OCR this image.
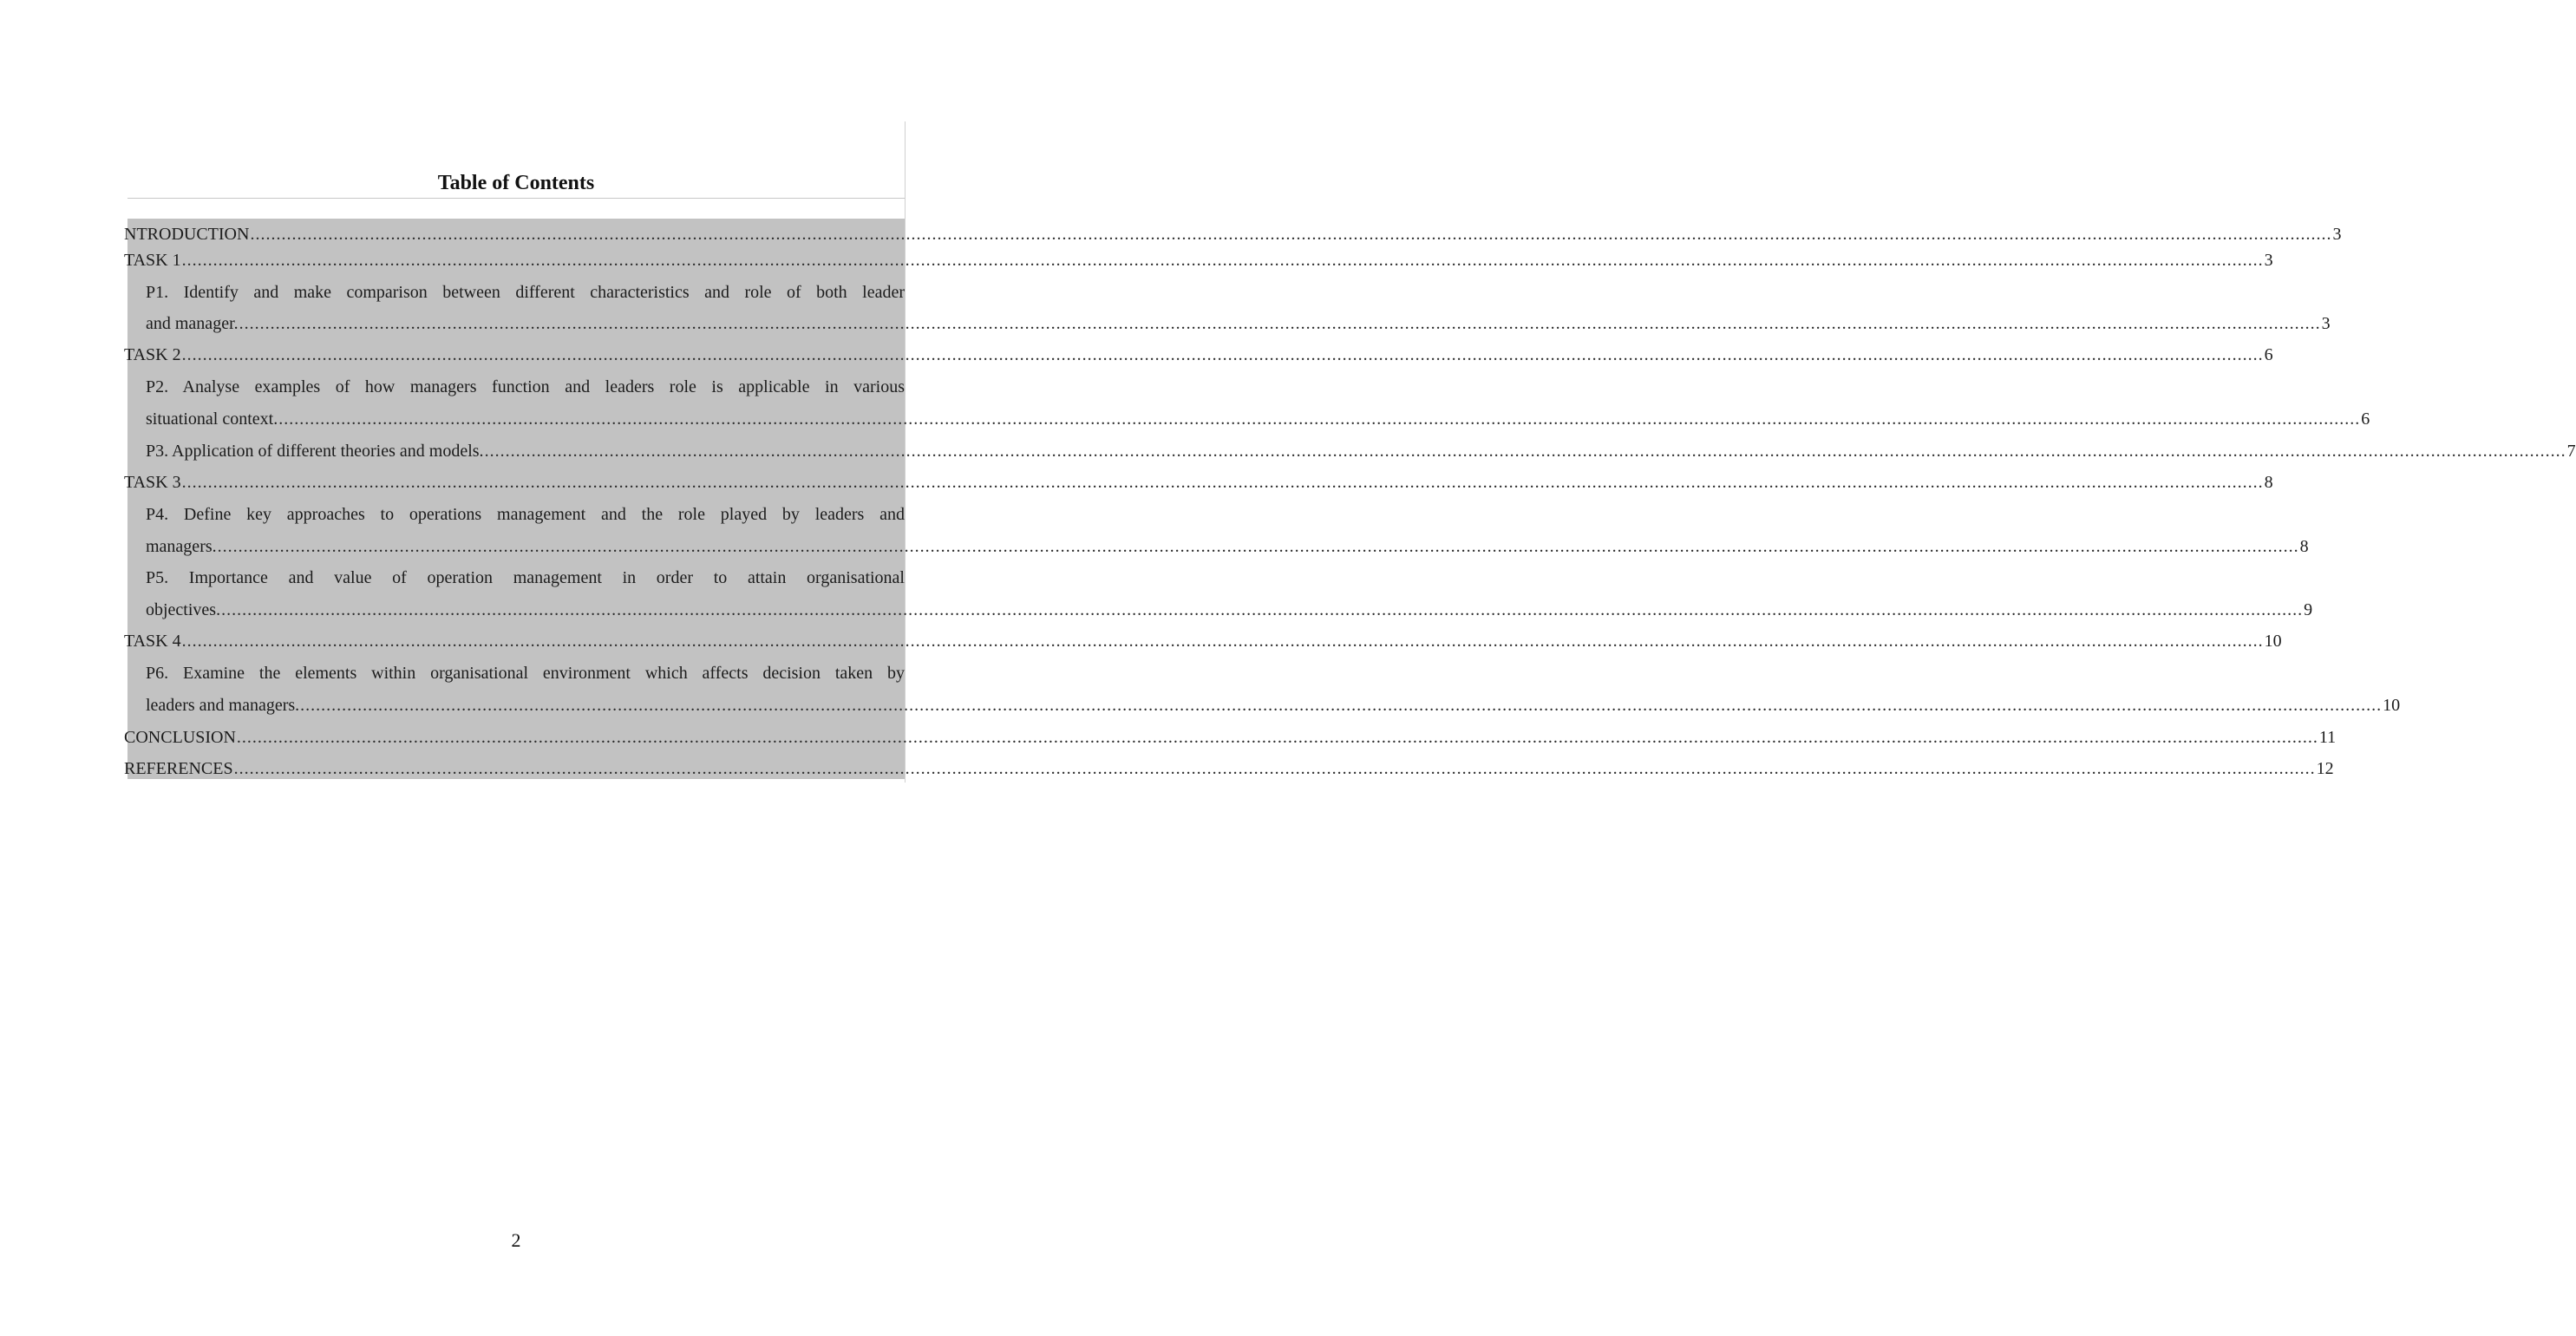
Table of Contents
NTRODUCTION ................................................................................................................................................................................................................................................................................................................................................................................................................ 3
TASK 1 ................................................................................................................................................................................................................................................................................................................................................................................................................ 3
P1. Identify and make comparison between different characteristics and role of both leader
and manager. ................................................................................................................................................................................................................................................................................................................................................................................................................ 3
TASK 2 ................................................................................................................................................................................................................................................................................................................................................................................................................ 6
P2. Analyse examples of how managers function and leaders role is applicable in various
situational context. ................................................................................................................................................................................................................................................................................................................................................................................................................ 6
P3. Application of different theories and models. ................................................................................................................................................................................................................................................................................................................................................................................................................ 7
TASK 3 ................................................................................................................................................................................................................................................................................................................................................................................................................ 8
P4. Define key approaches to operations management and the role played by leaders and
managers. ................................................................................................................................................................................................................................................................................................................................................................................................................ 8
P5. Importance and value of operation management in order to attain organisational
objectives. ................................................................................................................................................................................................................................................................................................................................................................................................................ 9
TASK 4 ................................................................................................................................................................................................................................................................................................................................................................................................................ 10
P6. Examine the elements within organisational environment which affects decision taken by
leaders and managers. ................................................................................................................................................................................................................................................................................................................................................................................................................ 10
CONCLUSION ................................................................................................................................................................................................................................................................................................................................................................................................................ 11
REFERENCES ................................................................................................................................................................................................................................................................................................................................................................................................................ 12
2
